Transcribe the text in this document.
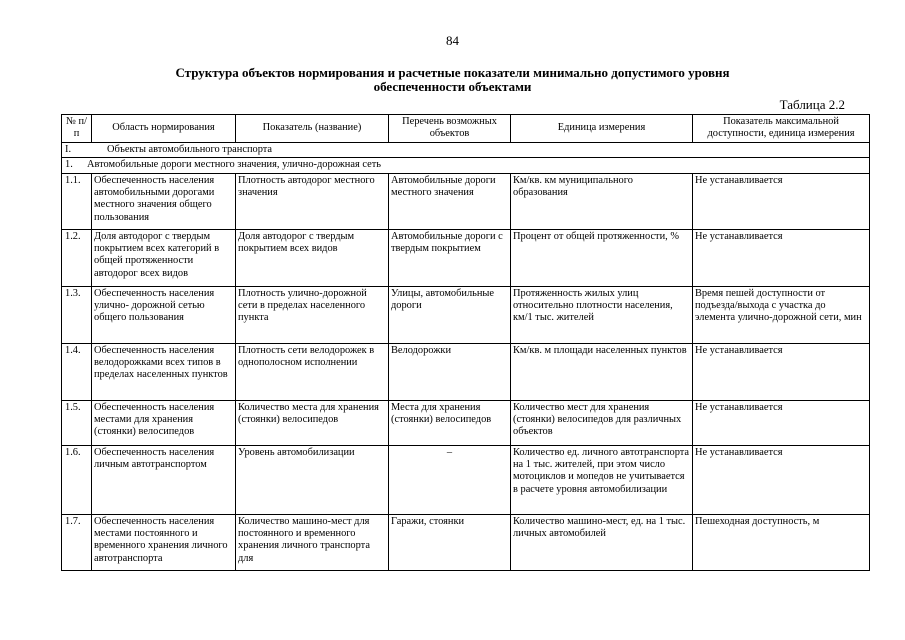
84
Структура объектов нормирования и расчетные показатели минимально допустимого уровня
обеспеченности объектами
Таблица 2.2
№ п/п	Область нормирования	Показатель (название)	Перечень возможных объектов	Единица измерения	Показатель максимальной доступности, единица измерения
I. Объекты автомобильного транспорта					
1. Автомобильные дороги местного значения, улично-дорожная сеть					
1.1.	Обеспеченность населения автомобильными дорогами местного значения общего пользования	Плотность автодорог местного значения	Автомобильные дороги местного значения	Км/кв. км муниципального образования	Не устанавливается
1.2.	Доля автодорог с твердым покрытием всех категорий в общей протяженности автодорог всех видов	Доля автодорог с твердым покрытием всех видов	Автомобильные дороги с твердым покрытием	Процент от общей протяженности, %	Не устанавливается
1.3.	Обеспеченность населения улично- дорожной сетью общего пользования	Плотность улично-дорожной сети в пределах населенного пункта	Улицы, автомобильные дороги	Протяженность жилых улиц относительно плотности населения, км/1 тыс. жителей	Время пешей доступности от подъезда/выхода с участка до элемента улично-дорожной сети, мин
1.4.	Обеспеченность населения велодорожками всех типов в пределах населенных пунктов	Плотность сети велодорожек в однополосном исполнении	Велодорожки	Км/кв. м площади населенных пунктов	Не устанавливается
1.5.	Обеспеченность населения местами для хранения (стоянки) велосипедов	Количество места для хранения (стоянки) велосипедов	Места для хранения (стоянки) велосипедов	Количество мест для хранения (стоянки) велосипедов для различных объектов	Не устанавливается
1.6.	Обеспеченность населения личным автотранспортом	Уровень автомобилизации	–	Количество ед. личного автотранспорта на 1 тыс. жителей, при этом число мотоциклов и мопедов не учитывается в расчете уровня автомобилизации	Не устанавливается
1.7.	Обеспеченность населения местами постоянного и временного хранения личного автотранспорта	Количество машино-мест для постоянного и временного хранения личного транспорта для	Гаражи, стоянки	Количество машино-мест, ед. на 1 тыс. личных автомобилей	Пешеходная доступность, м
